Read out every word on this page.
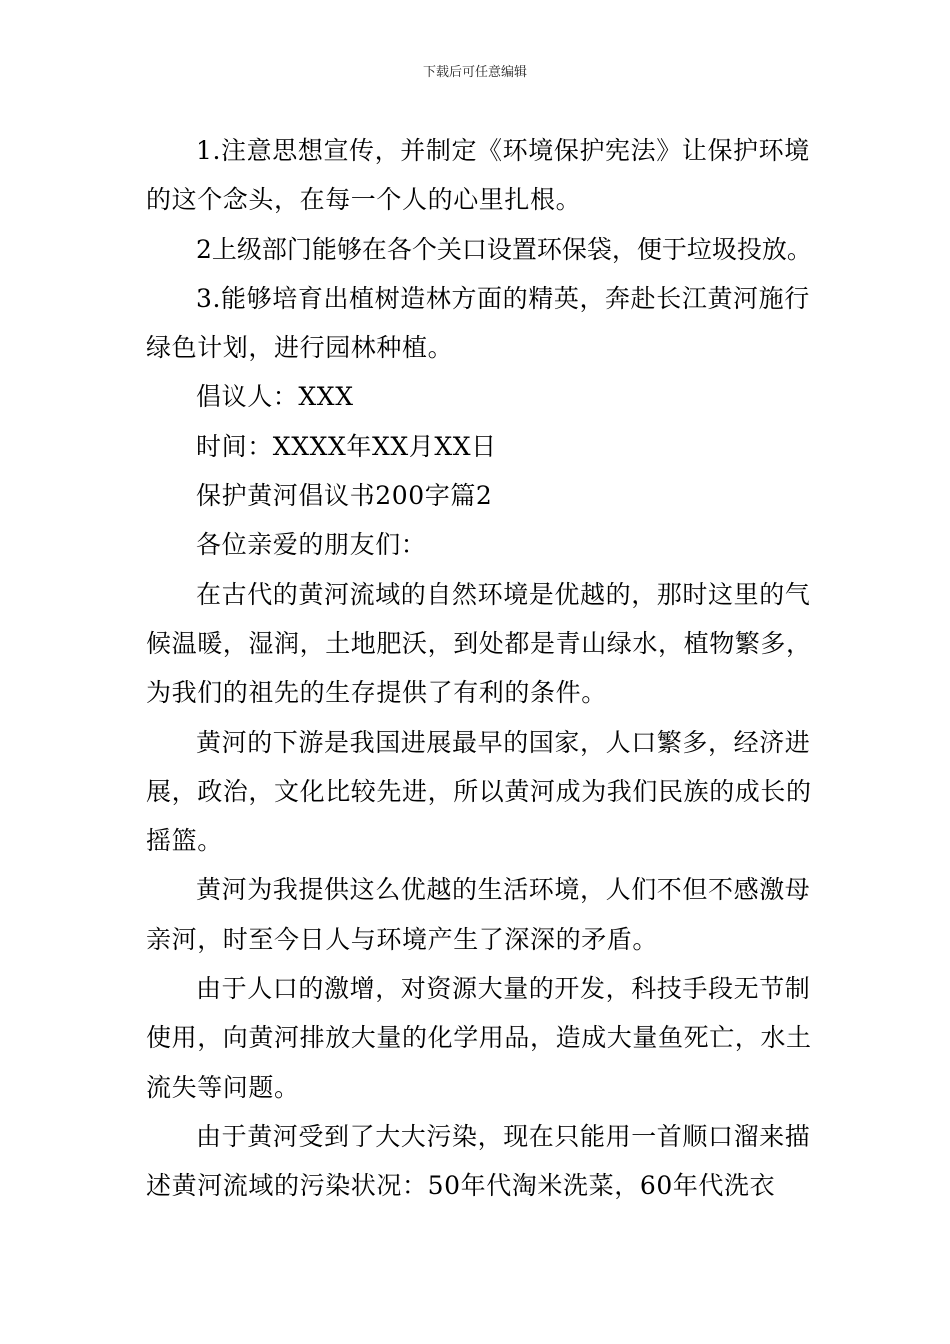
下载后可任意编辑

1.注意思想宣传，并制定《环境保护宪法》让保护环境的这个念头，在每一个人的心里扎根。

2上级部门能够在各个关口设置环保袋，便于垃圾投放。

3.能够培育出植树造林方面的精英，奔赴长江黄河施行绿色计划，进行园林种植。

倡议人：XXX

时间：XXXX年XX月XX日

保护黄河倡议书200字篇2

各位亲爱的朋友们：

在古代的黄河流域的自然环境是优越的，那时这里的气候温暖，湿润，土地肥沃，到处都是青山绿水，植物繁多，为我们的祖先的生存提供了有利的条件。

黄河的下游是我国进展最早的国家，人口繁多，经济进展，政治，文化比较先进，所以黄河成为我们民族的成长的摇篮。

黄河为我提供这么优越的生活环境，人们不但不感激母亲河，时至今日人与环境产生了深深的矛盾。

由于人口的激增，对资源大量的开发，科技手段无节制使用，向黄河排放大量的化学用品，造成大量鱼死亡，水土流失等问题。

由于黄河受到了大大污染，现在只能用一首顺口溜来描述黄河流域的污染状况：50年代淘米洗菜，60年代洗衣
